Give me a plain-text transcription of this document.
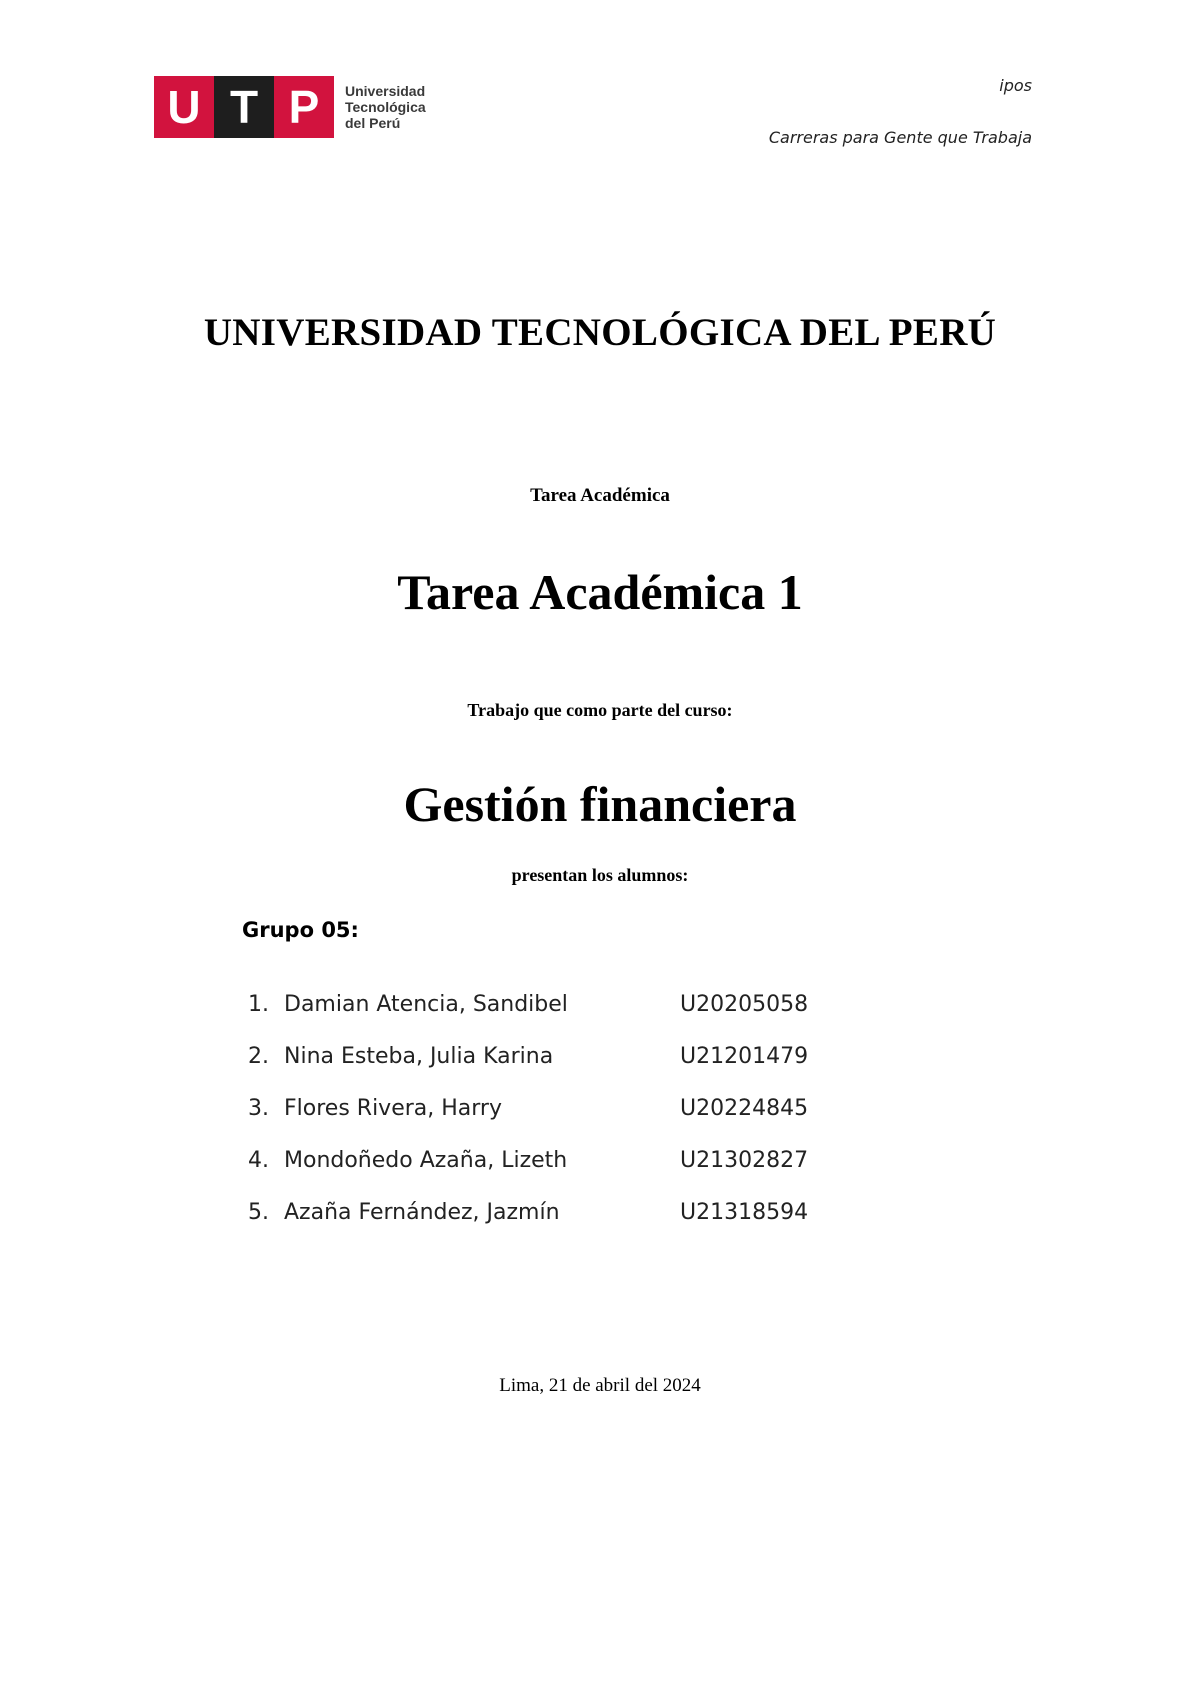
U T P	Universidad
Tecnológica
del Perú
ipos
Carreras para Gente que Trabaja
UNIVERSIDAD TECNOLÓGICA DEL PERÚ
Tarea Académica
Tarea Académica 1
Trabajo que como parte del curso:
Gestión financiera
presentan los alumnos:
Grupo 05:
1. Damian Atencia, Sandibel	U20205058
2. Nina Esteba, Julia Karina	U21201479
3. Flores Rivera, Harry	U20224845
4. Mondoñedo Azaña, Lizeth	U21302827
5. Azaña Fernández, Jazmín	U21318594
Lima, 21 de abril del 2024
